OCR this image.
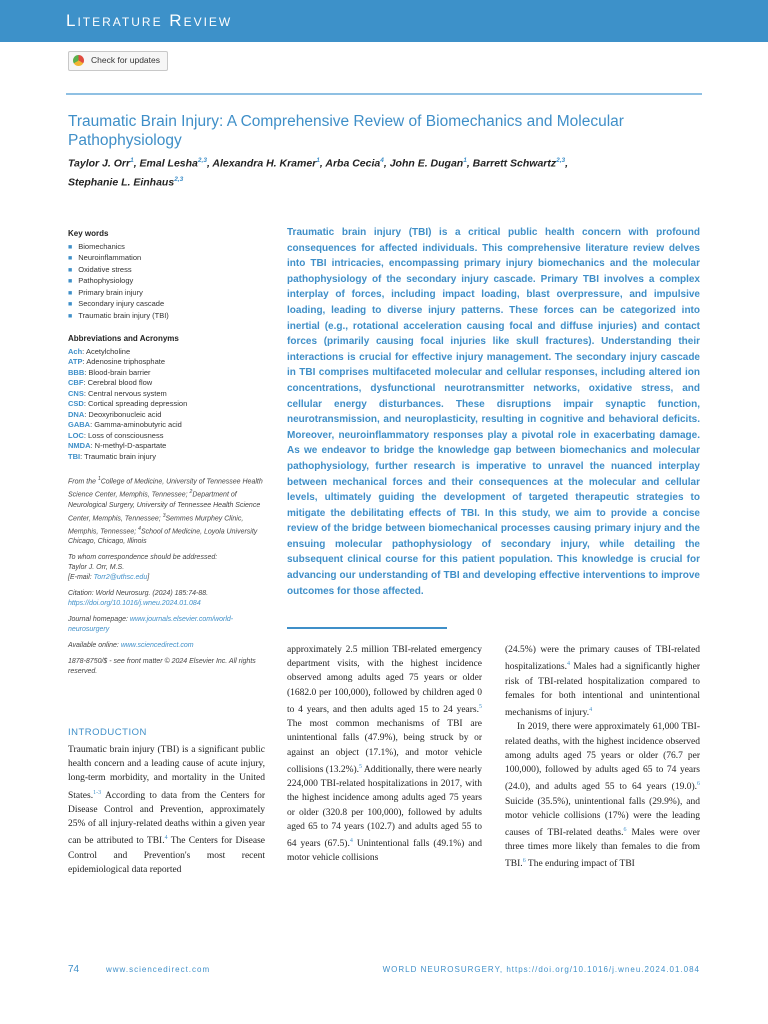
Literature Review
Check for updates
Traumatic Brain Injury: A Comprehensive Review of Biomechanics and Molecular Pathophysiology
Taylor J. Orr$^1$, Emal Lesha$^{2,3}$, Alexandra H. Kramer$^1$, Arba Cecia$^4$, John E. Dugan$^1$, Barrett Schwartz$^{2,3}$,
Stephanie L. Einhaus$^{2,3}$
Key words
■ Biomechanics
■ Neuroinflammation
■ Oxidative stress
■ Pathophysiology
■ Primary brain injury
■ Secondary injury cascade
■ Traumatic brain injury (TBI)
Abbreviations and Acronyms
Ach: Acetylcholine
ATP: Adenosine triphosphate
BBB: Blood-brain barrier
CBF: Cerebral blood flow
CNS: Central nervous system
CSD: Cortical spreading depression
DNA: Deoxyribonucleic acid
GABA: Gamma-aminobutyric acid
LOC: Loss of consciousness
NMDA: N-methyl-D-aspartate
TBI: Traumatic brain injury

From the $^1$College of Medicine, University of Tennessee Health Science Center, Memphis, Tennessee; $^2$Department of Neurological Surgery, University of Tennessee Health Science Center, Memphis, Tennessee; $^3$Semmes Murphey Clinic, Memphis, Tennessee; $^4$School of Medicine, Loyola University Chicago, Chicago, Illinois

To whom correspondence should be addressed:
Taylor J. Orr, M.S.
[E-mail: Torr2@uthsc.edu]

Citation: World Neurosurg. (2024) 185:74-88.
https://doi.org/10.1016/j.wneu.2024.01.084

Journal homepage: www.journals.elsevier.com/world-neurosurgery

Available online: www.sciencedirect.com

1878-8750/$ - see front matter © 2024 Elsevier Inc. All rights reserved.

Traumatic brain injury (TBI) is a critical public health concern with profound consequences for affected individuals. This comprehensive literature review delves into TBI intricacies, encompassing primary injury biomechanics and the molecular pathophysiology of the secondary injury cascade. Primary TBI involves a complex interplay of forces, including impact loading, blast overpressure, and impulsive loading, leading to diverse injury patterns. These forces can be categorized into inertial (e.g., rotational acceleration causing focal and diffuse injuries) and contact forces (primarily causing focal injuries like skull fractures). Understanding their interactions is crucial for effective injury management. The secondary injury cascade in TBI comprises multifaceted molecular and cellular responses, including altered ion concentrations, dysfunctional neurotransmitter networks, oxidative stress, and cellular energy disturbances. These disruptions impair synaptic function, neurotransmission, and neuroplasticity, resulting in cognitive and behavioral deficits. Moreover, neuroinflammatory responses play a pivotal role in exacerbating damage. As we endeavor to bridge the knowledge gap between biomechanics and molecular pathophysiology, further research is imperative to unravel the nuanced interplay between mechanical forces and their consequences at the molecular and cellular levels, ultimately guiding the development of targeted therapeutic strategies to mitigate the debilitating effects of TBI. In this study, we aim to provide a concise review of the bridge between biomechanical processes causing primary injury and the ensuing molecular pathophysiology of secondary injury, while detailing the subsequent clinical course for this patient population. This knowledge is crucial for advancing our understanding of TBI and developing effective interventions to improve outcomes for those affected.

INTRODUCTION

Traumatic brain injury (TBI) is a significant public health concern and a leading cause of acute injury, long-term morbidity, and mortality in the United States.$^{1-3}$ According to data from the Centers for Disease Control and Prevention, approximately 25% of all injury-related deaths within a given year can be attributed to TBI.$^4$ The Centers for Disease Control and Prevention's most recent epidemiological data reported

approximately 2.5 million TBI-related emergency department visits, with the highest incidence observed among adults aged 75 years or older (1682.0 per 100,000), followed by children aged 0 to 4 years, and then adults aged 15 to 24 years.$^5$ The most common mechanisms of TBI are unintentional falls (47.9%), being struck by or against an object (17.1%), and motor vehicle collisions (13.2%).$^5$ Additionally, there were nearly 224,000 TBI-related hospitalizations in 2017, with the highest incidence among adults aged 75 years or older (320.8 per 100,000), followed by adults aged 65 to 74 years (102.7) and adults aged 55 to 64 years (67.5).$^4$ Unintentional falls (49.1%) and motor vehicle collisions

(24.5%) were the primary causes of TBI-related hospitalizations.$^4$ Males had a significantly higher risk of TBI-related hospitalization compared to females for both intentional and unintentional mechanisms of injury.$^4$

In 2019, there were approximately 61,000 TBI-related deaths, with the highest incidence observed among adults aged 75 years or older (76.7 per 100,000), followed by adults aged 65 to 74 years (24.0), and adults aged 55 to 64 years (19.0).$^6$ Suicide (35.5%), unintentional falls (29.9%), and motor vehicle collisions (17%) were the leading causes of TBI-related deaths.$^6$ Males were over three times more likely than females to die from TBI.$^6$ The enduring impact of TBI

74	www.sciencedirect.com	WORLD NEUROSURGERY, https://doi.org/10.1016/j.wneu.2024.01.084
